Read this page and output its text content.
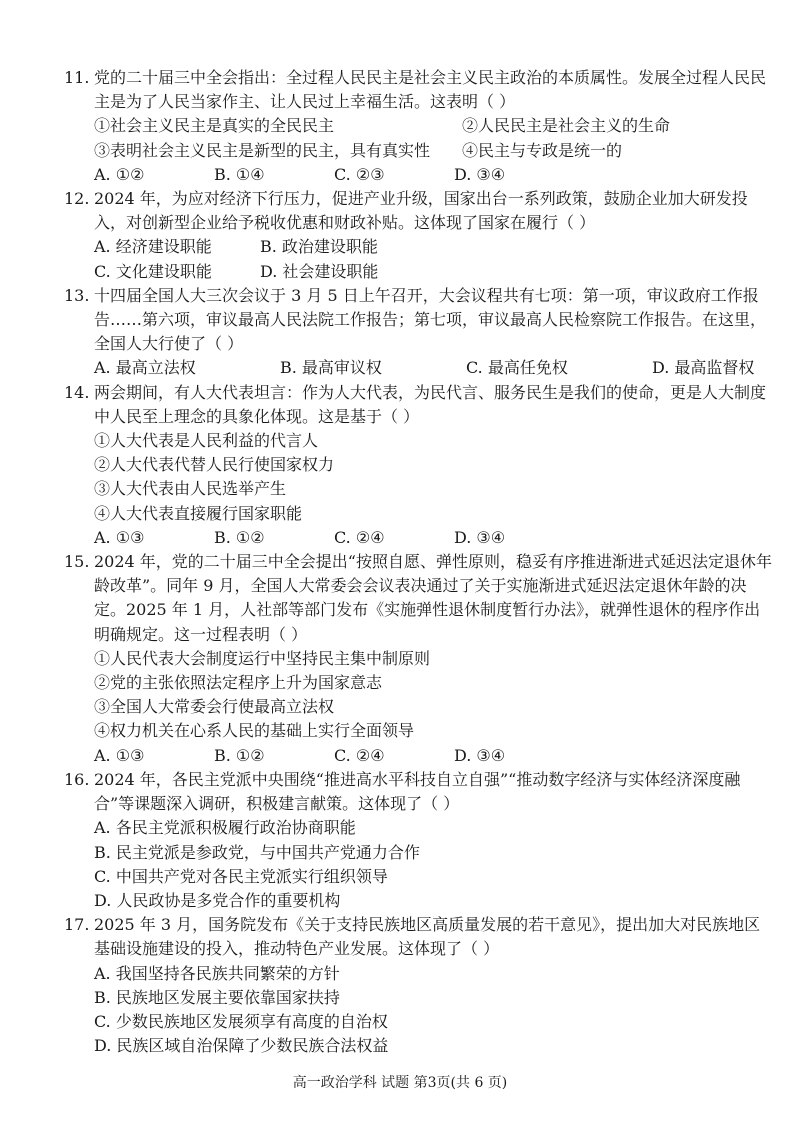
11. 党的二十届三中全会指出：全过程人民民主是社会主义民主政治的本质属性。发展全过程人民民主是为了人民当家作主、让人民过上幸福生活。这表明（ ）
①社会主义民主是真实的全民民主	②人民民主是社会主义的生命
③表明社会主义民主是新型的民主，具有真实性	④民主与专政是统一的
A. ①②	B. ①④	C. ②③	D. ③④
12. 2024 年，为应对经济下行压力，促进产业升级，国家出台一系列政策，鼓励企业加大研发投入，对创新型企业给予税收优惠和财政补贴。这体现了国家在履行（ ）
A. 经济建设职能	B. 政治建设职能
C. 文化建设职能	D. 社会建设职能
13. 十四届全国人大三次会议于 3 月 5 日上午召开，大会议程共有七项：第一项，审议政府工作报告……第六项，审议最高人民法院工作报告；第七项，审议最高人民检察院工作报告。在这里，全国人大行使了（ ）
A. 最高立法权	B. 最高审议权	C. 最高任免权	D. 最高监督权
14. 两会期间，有人大代表坦言：作为人大代表，为民代言、服务民生是我们的使命，更是人大制度中人民至上理念的具象化体现。这是基于（ ）
①人大代表是人民利益的代言人
②人大代表代替人民行使国家权力
③人大代表由人民选举产生
④人大代表直接履行国家职能
A. ①③	B. ①②	C. ②④	D. ③④
15. 2024 年，党的二十届三中全会提出“按照自愿、弹性原则，稳妥有序推进渐进式延迟法定退休年龄改革”。同年 9 月，全国人大常委会会议表决通过了关于实施渐进式延迟法定退休年龄的决定。2025 年 1 月，人社部等部门发布《实施弹性退休制度暂行办法》，就弹性退休的程序作出明确规定。这一过程表明（ ）
①人民代表大会制度运行中坚持民主集中制原则
②党的主张依照法定程序上升为国家意志
③全国人大常委会行使最高立法权
④权力机关在心系人民的基础上实行全面领导
A. ①③	B. ①②	C. ②④	D. ③④
16. 2024 年，各民主党派中央围绕“推进高水平科技自立自强”“推动数字经济与实体经济深度融合”等课题深入调研，积极建言献策。这体现了（ ）
A. 各民主党派积极履行政治协商职能
B. 民主党派是参政党，与中国共产党通力合作
C. 中国共产党对各民主党派实行组织领导
D. 人民政协是多党合作的重要机构
17. 2025 年 3 月，国务院发布《关于支持民族地区高质量发展的若干意见》，提出加大对民族地区基础设施建设的投入，推动特色产业发展。这体现了（ ）
A. 我国坚持各民族共同繁荣的方针
B. 民族地区发展主要依靠国家扶持
C. 少数民族地区发展须享有高度的自治权
D. 民族区域自治保障了少数民族合法权益
高一政治学科 试题 第3页(共 6 页)
